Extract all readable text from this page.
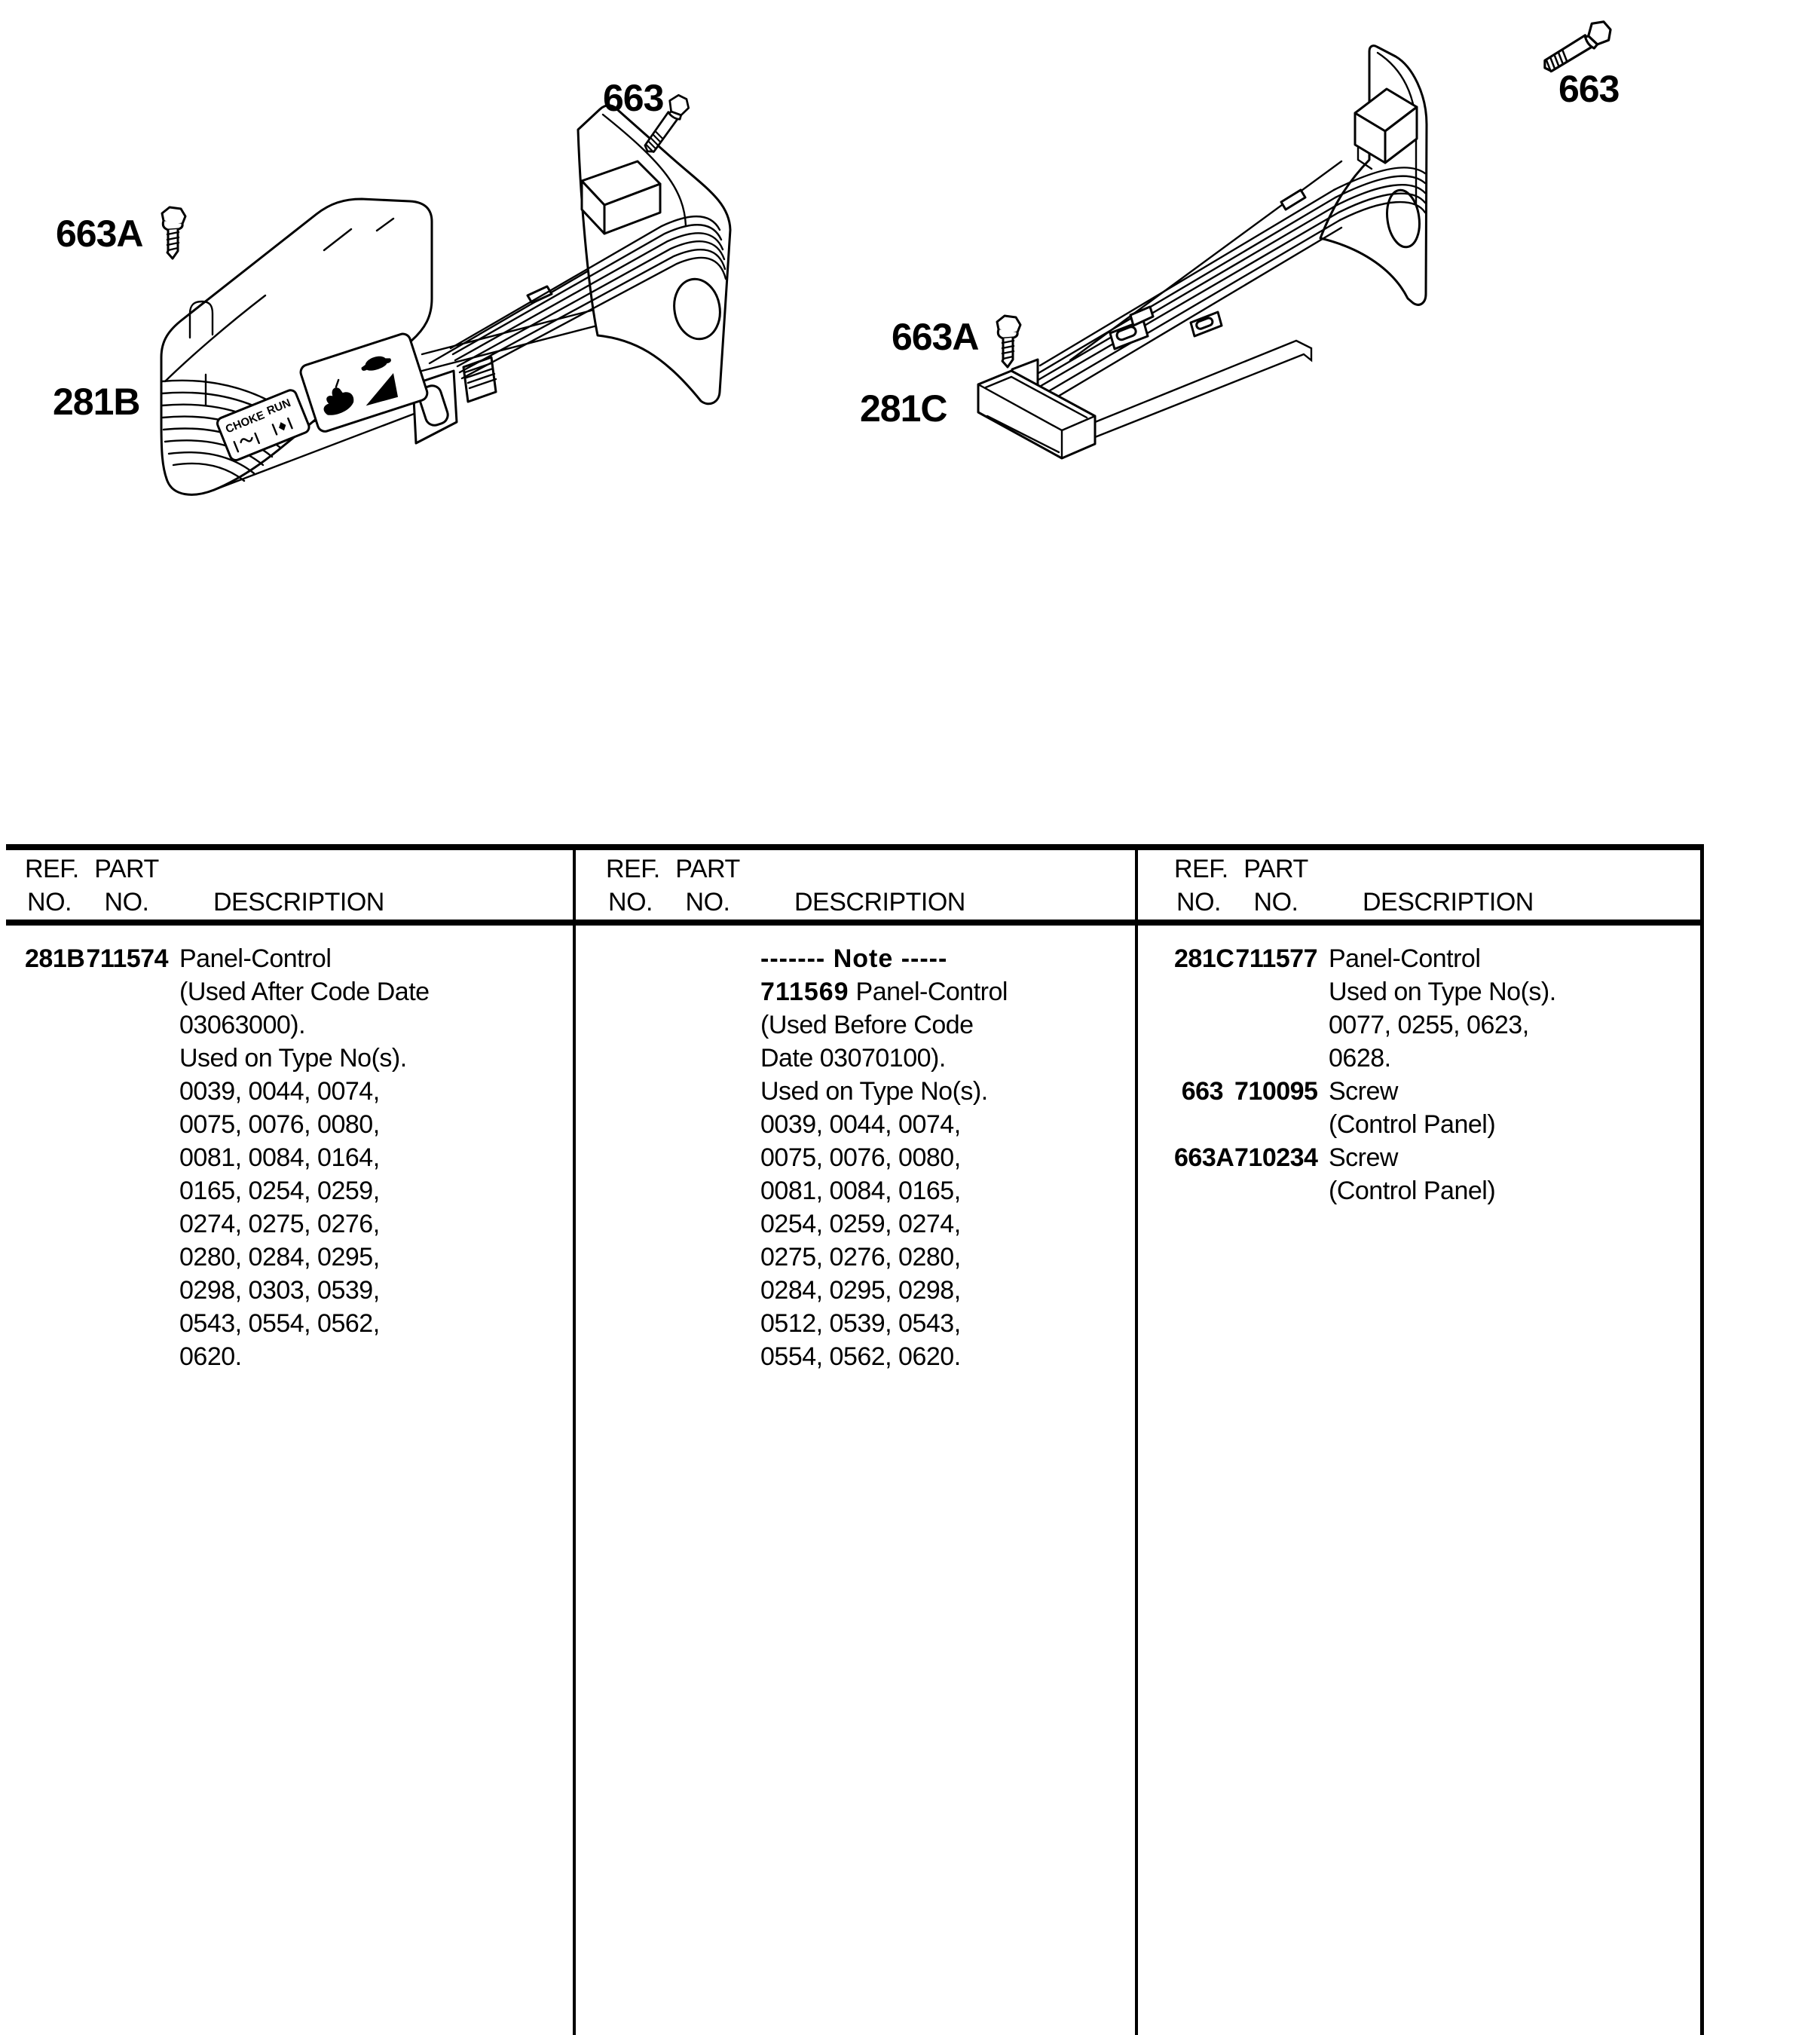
CHOKE
RUN
663
663A
281B
663A
281C
663
REF.
NO.
PART
NO.	DESCRIPTION
REF.
NO.
PART
NO.	DESCRIPTION
REF.
NO.
PART
NO.	DESCRIPTION
281B 711574 Panel-Control
(Used After Code Date
03063000).
Used on Type No(s).
0039, 0044, 0074,
0075, 0076, 0080,
0081, 0084, 0164,
0165, 0254, 0259,
0274, 0275, 0276,
0280, 0284, 0295,
0298, 0303, 0539,
0543, 0554, 0562,
0620.
------- Note -----
711569 Panel-Control
(Used Before Code
Date 03070100).
Used on Type No(s).
0039, 0044, 0074,
0075, 0076, 0080,
0081, 0084, 0165,
0254, 0259, 0274,
0275, 0276, 0280,
0284, 0295, 0298,
0512, 0539, 0543,
0554, 0562, 0620.
281C 711577 Panel-Control
Used on Type No(s).
0077, 0255, 0623,
0628.
663 710095 Screw
(Control Panel)
663A 710234 Screw
(Control Panel)
